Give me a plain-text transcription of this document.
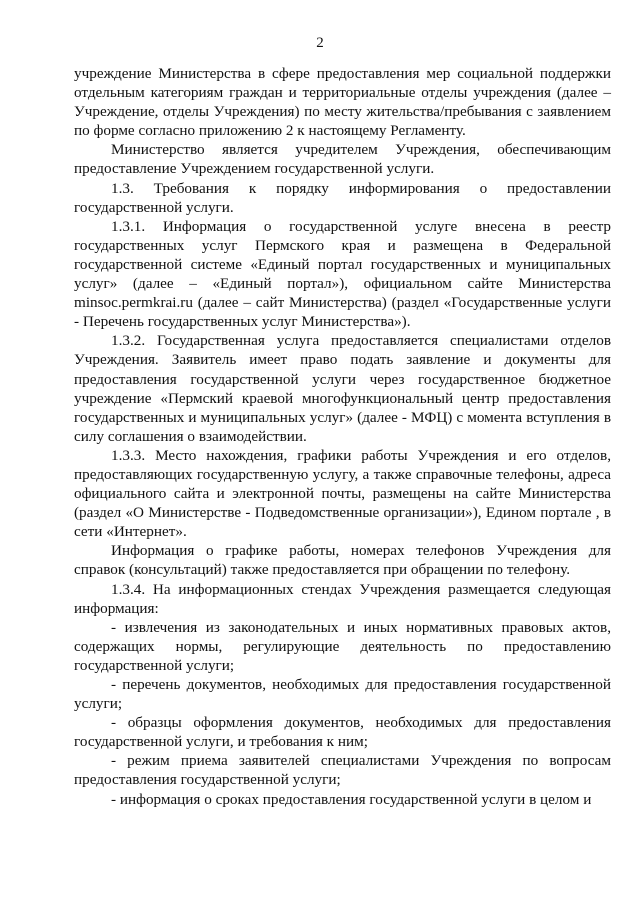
2

учреждение Министерства в сфере предоставления мер социальной поддержки отдельным категориям граждан и территориальные отделы учреждения (далее – Учреждение, отделы Учреждения) по месту жительства/пребывания с заявлением по форме согласно приложению 2 к настоящему Регламенту.

Министерство является учредителем Учреждения, обеспечивающим предоставление Учреждением государственной услуги.

1.3. Требования к порядку информирования о предоставлении государственной услуги.

1.3.1. Информация о государственной услуге внесена в реестр государственных услуг Пермского края и размещена в Федеральной государственной системе «Единый портал государственных и муниципальных услуг» (далее – «Единый портал»), официальном сайте Министерства minsoc.permkrai.ru (далее – сайт Министерства) (раздел «Государственные услуги - Перечень государственных услуг Министерства»).

1.3.2. Государственная услуга предоставляется специалистами отделов Учреждения. Заявитель имеет право подать заявление и документы для предоставления государственной услуги через государственное бюджетное учреждение «Пермский краевой многофункциональный центр предоставления государственных и муниципальных услуг» (далее - МФЦ) с момента вступления в силу соглашения о взаимодействии.

1.3.3. Место нахождения, графики работы Учреждения и его отделов, предоставляющих государственную услугу, а также справочные телефоны, адреса официального сайта и электронной почты, размещены на сайте Министерства (раздел «О Министерстве - Подведомственные организации»), Едином портале , в сети «Интернет».

Информация о графике работы, номерах телефонов Учреждения для справок (консультаций) также предоставляется при обращении по телефону.

1.3.4. На информационных стендах Учреждения размещается следующая информация:

- извлечения из законодательных и иных нормативных правовых актов, содержащих нормы, регулирующие деятельность по предоставлению государственной услуги;

- перечень документов, необходимых для предоставления государственной услуги;

- образцы оформления документов, необходимых для предоставления государственной услуги, и требования к ним;

- режим приема заявителей специалистами Учреждения по вопросам предоставления государственной услуги;

- информация о сроках предоставления государственной услуги в целом и
